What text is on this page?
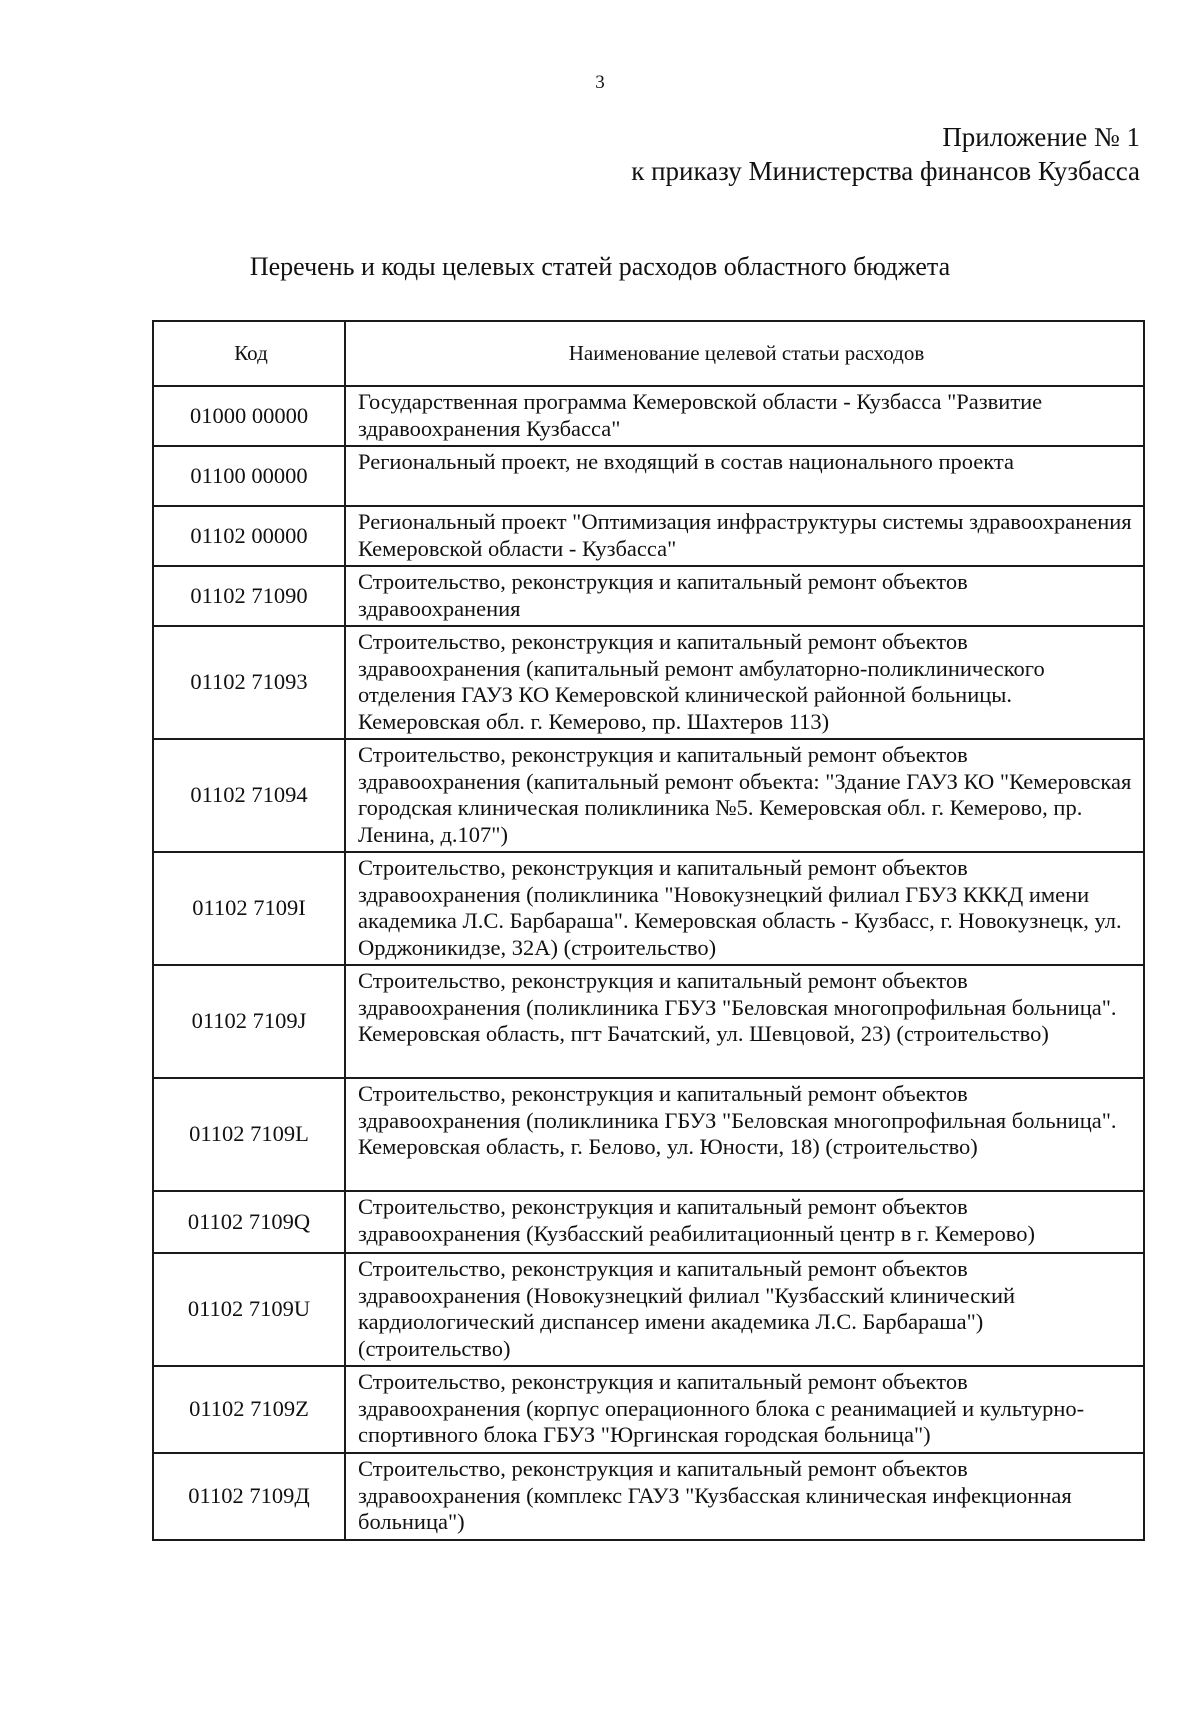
3
Приложение № 1
к приказу Министерства финансов Кузбасса
Перечень и коды целевых статей расходов областного бюджета
Код	Наименование целевой статьи расходов
01000 00000	Государственная программа Кемеровской области - Кузбасса "Развитие здравоохранения Кузбасса"
01100 00000	Региональный проект, не входящий в состав национального проекта
01102 00000	Региональный проект "Оптимизация инфраструктуры системы здравоохранения Кемеровской области - Кузбасса"
01102 71090	Строительство, реконструкция и капитальный ремонт объектов здравоохранения
01102 71093	Строительство, реконструкция и капитальный ремонт объектов здравоохранения (капитальный ремонт амбулаторно-поликлинического отделения ГАУЗ КО Кемеровской клинической районной больницы. Кемеровская обл. г. Кемерово, пр. Шахтеров 113)
01102 71094	Строительство, реконструкция и капитальный ремонт объектов здравоохранения (капитальный ремонт объекта: "Здание ГАУЗ КО "Кемеровская городская клиническая поликлиника №5. Кемеровская обл. г. Кемерово, пр. Ленина, д.107")
01102 7109I	Строительство, реконструкция и капитальный ремонт объектов здравоохранения (поликлиника "Новокузнецкий филиал ГБУЗ КККД имени академика Л.С. Барбараша". Кемеровская область - Кузбасс, г. Новокузнецк, ул. Орджоникидзе, 32А) (строительство)
01102 7109J	Строительство, реконструкция и капитальный ремонт объектов здравоохранения (поликлиника ГБУЗ "Беловская многопрофильная больница". Кемеровская область, пгт Бачатский, ул. Шевцовой, 23) (строительство)
01102 7109L	Строительство, реконструкция и капитальный ремонт объектов здравоохранения (поликлиника ГБУЗ "Беловская многопрофильная больница". Кемеровская область, г. Белово, ул. Юности, 18) (строительство)
01102 7109Q	Строительство, реконструкция и капитальный ремонт объектов здравоохранения (Кузбасский реабилитационный центр в г. Кемерово)
01102 7109U	Строительство, реконструкция и капитальный ремонт объектов здравоохранения (Новокузнецкий филиал "Кузбасский клинический кардиологический диспансер имени академика Л.С. Барбараша") (строительство)
01102 7109Z	Строительство, реконструкция и капитальный ремонт объектов здравоохранения (корпус операционного блока с реанимацией и культурно-спортивного блока ГБУЗ "Юргинская городская больница")
01102 7109Д	Строительство, реконструкция и капитальный ремонт объектов здравоохранения (комплекс ГАУЗ "Кузбасская клиническая инфекционная больница")
